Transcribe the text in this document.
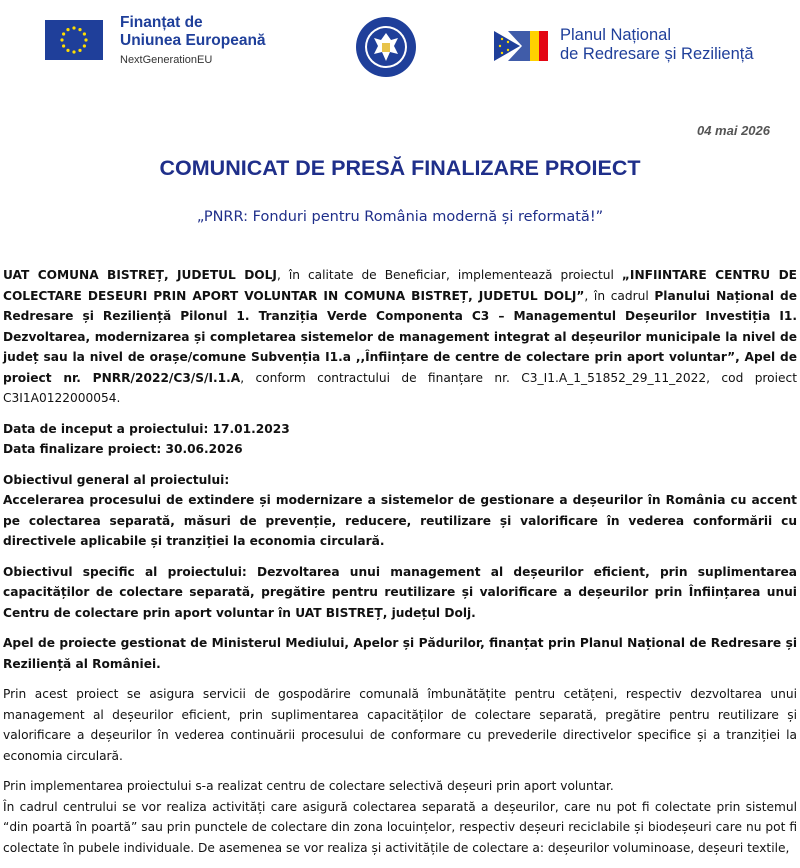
Finanțat de
Uniunea Europeană
NextGenerationEU
Planul Național
de Redresare și Reziliență
04 mai 2026
COMUNICAT DE PRESĂ FINALIZARE PROIECT
„PNRR: Fonduri pentru România modernă și reformată!”

UAT COMUNA BISTREȚ, JUDETUL DOLJ, în calitate de Beneficiar, implementează proiectul „INFIINTARE CENTRU DE COLECTARE DESEURI PRIN APORT VOLUNTAR IN COMUNA BISTREȚ, JUDETUL DOLJ”, în cadrul Planului Național de Redresare și Reziliență Pilonul 1. Tranziția Verde Componenta C3 – Managementul Deșeurilor Investiția I1. Dezvoltarea, modernizarea și completarea sistemelor de management integrat al deșeurilor municipale la nivel de județ sau la nivel de orașe/comune Subvenția I1.a ,,Înființare de centre de colectare prin aport voluntar”, Apel de proiect nr. PNRR/2022/C3/S/I.1.A, conform contractului de finanțare nr. C3_I1.A_1_51852_29_11_2022, cod proiect C3I1A0122000054.

Data de inceput a proiectului: 17.01.2023

Data finalizare proiect: 30.06.2026

Obiectivul general al proiectului:

Accelerarea procesului de extindere și modernizare a sistemelor de gestionare a deșeurilor în România cu accent pe colectarea separată, măsuri de prevenție, reducere, reutilizare și valorificare în vederea conformării cu directivele aplicabile și tranziției la economia circulară.

Obiectivul specific al proiectului: Dezvoltarea unui management al deșeurilor eficient, prin suplimentarea capacităților de colectare separată, pregătire pentru reutilizare și valorificare a deșeurilor prin Înființarea unui Centru de colectare prin aport voluntar în UAT BISTREȚ, județul Dolj.

Apel de proiecte gestionat de Ministerul Mediului, Apelor și Pădurilor, finanțat prin Planul Național de Redresare și Reziliență al României.

Prin acest proiect se asigura servicii de gospodărire comunală îmbunătățite pentru cetățeni, respectiv dezvoltarea unui management al deșeurilor eficient, prin suplimentarea capacităților de colectare separată, pregătire pentru reutilizare și valorificare a deșeurilor în vederea continuării procesului de conformare cu prevederile directivelor specifice și a tranziției la economia circulară.

Prin implementarea proiectului s-a realizat centru de colectare selectivă deșeuri prin aport voluntar.

În cadrul centrului se vor realiza activități care asigură colectarea separată a deșeurilor, care nu pot fi colectate prin sistemul “din poartă în poartă” sau prin punctele de colectare din zona locuințelor, respectiv deșeuri reciclabile și biodeșeuri care nu pot fi colectate în pubele individuale. De asemenea se vor realiza și activitățile de colectare a: deșeurilor voluminoase, deșeuri textile,
